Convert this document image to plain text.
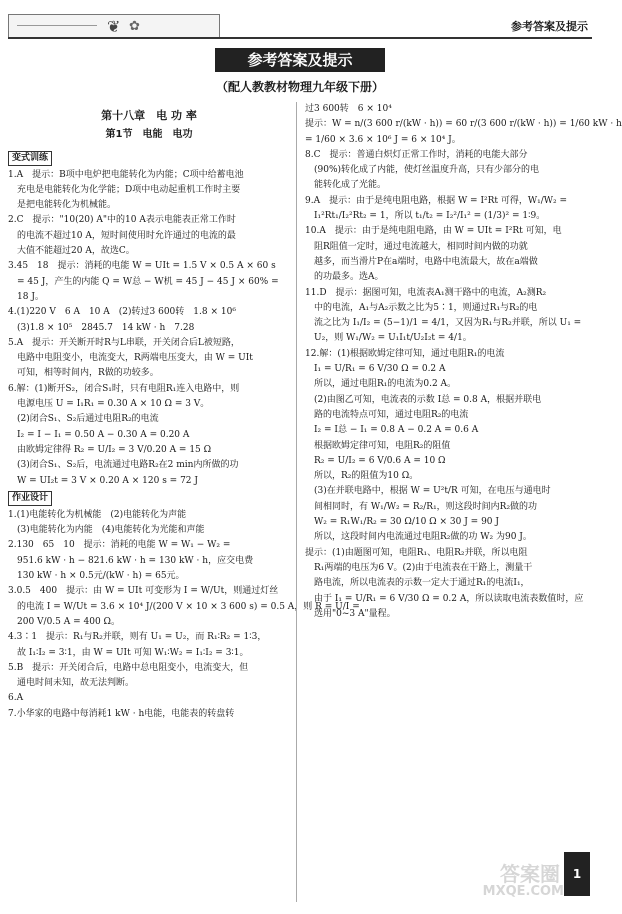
❦ ✿	参考答案及提示
参考答案及提示
（配人教教材物理九年级下册）
第十八章　电 功 率
第1节　电能　电功
变式训练
1.A　提示：B项中电炉把电能转化为内能；C项中给蓄电池
　充电是电能转化为化学能；D项中电动起重机工作时主要
　是把电能转化为机械能。
2.C　提示："10(20) A"中的10 A表示电能表正常工作时
　的电流不超过10 A，短时间使用时允许通过的电流的最
　大值不能超过20 A，故选C。
3.45　18　提示：消耗的电能 W = UIt = 1.5 V × 0.5 A × 60 s
　= 45 J，产生的内能 Q = W总 − W机 = 45 J − 45 J × 60% =
　18 J。
4.(1)220 V　6 A　10 A　(2)转过3 600转　1.8 × 10⁶
　(3)1.8 × 10⁵　2845.7　14 kW · h　7.28
5.A　提示：开关断开时R与L串联，开关闭合后L被短路，
　电路中电阻变小，电流变大，R两端电压变大，由 W = UIt
　可知，相等时间内，R做的功较多。
6.解：(1)断开S₂，闭合S₁时，只有电阻R₁连入电路中，则
　电源电压 U = I₁R₁ = 0.30 A × 10 Ω = 3 V。
　(2)闭合S₁、S₂后通过电阻R₂的电流
　I₂ = I − I₁ = 0.50 A − 0.30 A = 0.20 A
　由欧姆定律得 R₂ = U/I₂ = 3 V/0.20 A = 15 Ω
　(3)闭合S₁、S₂后，电流通过电路R₂在2 min内所做的功
　W = UI₂t = 3 V × 0.20 A × 120 s = 72 J
作业设计
1.(1)电能转化为机械能　(2)电能转化为声能
　(3)电能转化为内能　(4)电能转化为光能和声能
2.130　65　10　提示：消耗的电能 W = W₁ − W₂ =
　951.6 kW · h − 821.6 kW · h = 130 kW · h，应交电费
　130 kW · h × 0.5元/(kW · h) = 65元。
3.0.5　400　提示：由 W = UIt 可变形为 I = W/Ut，则通过灯丝
　的电流 I = W/Ut = 3.6 × 10⁴ J/(200 V × 10 × 3 600 s) = 0.5 A，则 R = U/I =
　200 V/0.5 A = 400 Ω。
4.3∶1　提示：R₁与R₂并联，则有 U₁ = U₂，而 R₁∶R₂ = 1∶3，
　故 I₁∶I₂ = 3∶1，由 W = UIt 可知 W₁∶W₂ = I₁∶I₂ = 3∶1。
5.B　提示：开关闭合后，电路中总电阻变小，电流变大，但
　通电时间未知，故无法判断。
6.A
7.小华家的电路中每消耗1 kW · h电能，电能表的转盘转
过3 600转　6 × 10⁴
提示：W = n/(3 600 r/(kW · h)) = 60 r/(3 600 r/(kW · h)) = 1/60 kW · h
= 1/60 × 3.6 × 10⁶ J = 6 × 10⁴ J。
8.C　提示：普通白炽灯正常工作时，消耗的电能大部分
　(90%)转化成了内能，使灯丝温度升高，只有少部分的电
　能转化成了光能。
9.A　提示：由于是纯电阻电路，根据 W = I²Rt 可得，W₁/W₂ =
　I₁²Rt₁/I₂²Rt₂ = 1，所以 t₁/t₂ = I₂²/I₁² = (1/3)² = 1∶9。
10.A　提示：由于是纯电阻电路，由 W = UIt = I²Rt 可知，电
　阻R阻值一定时，通过电流越大，相同时间内做的功就
　越多，而当滑片P在a端时，电路中电流最大，故在a端做
　的功最多。选A。
11.D　提示：据图可知，电流表A₁测干路中的电流，A₂测R₂
　中的电流，A₁与A₂示数之比为5∶1，则通过R₁与R₂的电
　流之比为 I₁/I₂ = (5−1)/1 = 4/1，又因为R₁与R₂并联，所以 U₁ =
　U₂，则 W₁/W₂ = U₁I₁t/U₂I₂t = 4/1。
12.解：(1)根据欧姆定律可知，通过电阻R₁的电流
　I₁ = U/R₁ = 6 V/30 Ω = 0.2 A
　所以，通过电阻R₁的电流为0.2 A。
　(2)由图乙可知，电流表的示数 I总 = 0.8 A，根据并联电
　路的电流特点可知，通过电阻R₂的电流
　I₂ = I总 − I₁ = 0.8 A − 0.2 A = 0.6 A
　根据欧姆定律可知，电阻R₂的阻值
　R₂ = U/I₂ = 6 V/0.6 A = 10 Ω
　所以，R₂的阻值为10 Ω。
　(3)在并联电路中，根据 W = U²t/R 可知，在电压与通电时
　间相同时，有 W₁/W₂ = R₂/R₁，则这段时间内R₂做的功
　W₂ = R₁W₁/R₂ = 30 Ω/10 Ω × 30 J = 90 J
　所以，这段时间内电流通过电阻R₂做的功 W₂ 为90 J。
提示：(1)由题图可知，电阻R₁、电阻R₂并联，所以电阻
　R₁两端的电压为6 V。(2)由于电流表在干路上，测量干
　路电流，所以电流表的示数一定大于通过R₁的电流I₁，
　由于 I₁ = U/R₁ = 6 V/30 Ω = 0.2 A，所以读取电流表数值时，应
　选用"0~3 A"量程。
答案圈
MXQE.COM
1
